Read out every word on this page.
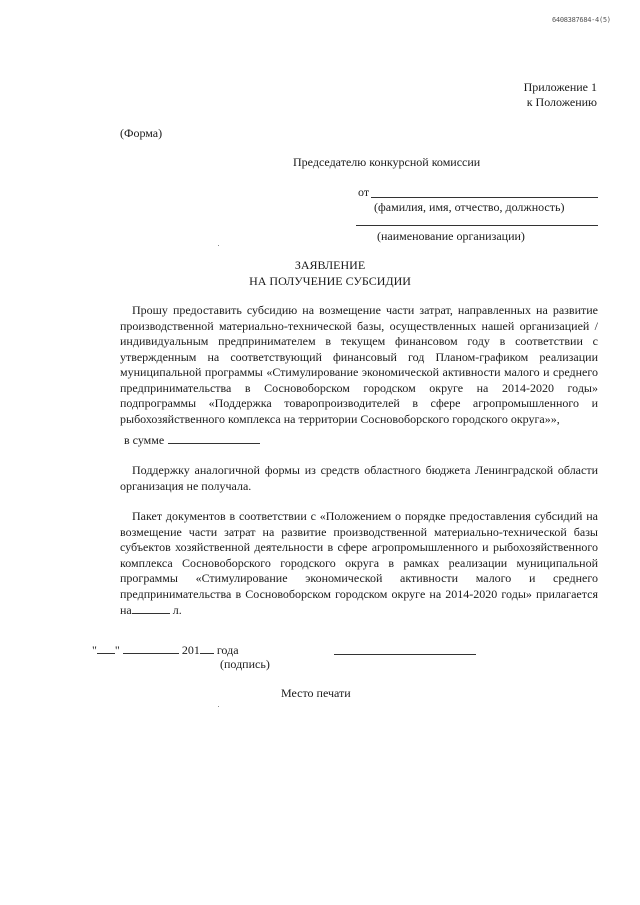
6408387684-4(5)
Приложение 1
к Положению
(Форма)
Председателю конкурсной комиссии
от
(фамилия, имя, отчество, должность)
(наименование организации)
ЗАЯВЛЕНИЕ
НА ПОЛУЧЕНИЕ СУБСИДИИ
Прошу предоставить субсидию на возмещение части затрат, направленных на развитие производственной материально-технической базы, осуществленных нашей организацией / индивидуальным предпринимателем в текущем финансовом году в соответствии с утвержденным на соответствующий финансовый год Планом-графиком реализации муниципальной программы «Стимулирование экономической активности малого и среднего предпринимательства в Сосновоборском городском округе на 2014-2020 годы» подпрограммы «Поддержка товаропроизводителей в сфере агропромышленного и рыбохозяйственного комплекса на территории Сосновоборского городского округа»»,
в сумме
Поддержку аналогичной формы из средств областного бюджета Ленинградской области организация не получала.
Пакет документов в соответствии с «Положением о порядке предоставления субсидий на возмещение части затрат на развитие производственной материально-технической базы субъектов хозяйственной деятельности в сфере агропромышленного и рыбохозяйственного комплекса Сосновоборского городского округа в рамках реализации муниципальной программы «Стимулирование экономической активности малого и среднего предпринимательства в Сосновоборском городском округе на 2014-2020 годы» прилагается на	л.
" "	201 года
(подпись)
Место печати
